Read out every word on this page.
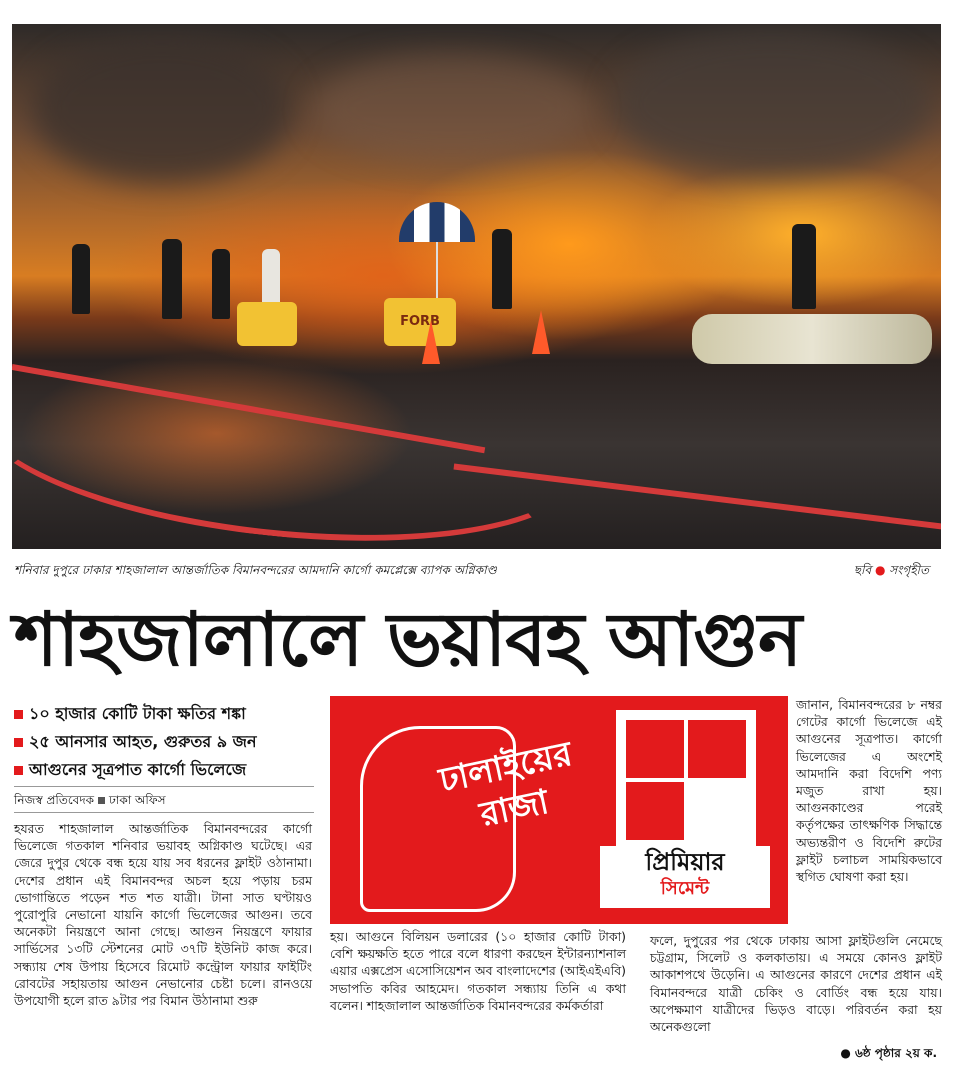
FORB
শনিবার দুপুরে ঢাকার শাহজালাল আন্তর্জাতিক বিমানবন্দরের আমদানি কার্গো কমপ্লেক্সে ব্যাপক অগ্নিকাণ্ড	ছবি ● সংগৃহীত
শাহজালালে ভয়াবহ আগুন
১০ হাজার কোটি টাকা ক্ষতির শঙ্কা
২৫ আনসার আহত, গুরুতর ৯ জন
আগুনের সূত্রপাত কার্গো ভিলেজে
নিজস্ব প্রতিবেদক ঢাকা অফিস
হযরত শাহজালাল আন্তর্জাতিক বিমানবন্দরের কার্গো ভিলেজে গতকাল শনিবার ভয়াবহ অগ্নিকাণ্ড ঘটেছে। এর জেরে দুপুর থেকে বন্ধ হয়ে যায় সব ধরনের ফ্লাইট ওঠানামা। দেশের প্রধান এই বিমানবন্দর অচল হয়ে পড়ায় চরম ভোগান্তিতে পড়েন শত শত যাত্রী। টানা সাত ঘণ্টায়ও পুরোপুরি নেভানো যায়নি কার্গো ভিলেজের আগুন। তবে অনেকটা নিয়ন্ত্রণে আনা গেছে। আগুন নিয়ন্ত্রণে ফায়ার সার্ভিসের ১৩টি স্টেশনের মোট ৩৭টি ইউনিট কাজ করে। সন্ধ্যায় শেষ উপায় হিসেবে রিমোট কন্ট্রোল ফায়ার ফাইটিং রোবটের সহায়তায় আগুন নেভানোর চেষ্টা চলে। রানওয়ে উপযোগী হলে রাত ৯টার পর বিমান উঠানামা শুরু
হয়। আগুনে বিলিয়ন ডলারের (১০ হাজার কোটি টাকা) বেশি ক্ষয়ক্ষতি হতে পারে বলে ধারণা করছেন ইন্টারন্যাশনাল এয়ার এক্সপ্রেস এসোসিয়েশন অব বাংলাদেশের (আইএইএবি) সভাপতি কবির আহমেদ। গতকাল সন্ধ্যায় তিনি এ কথা বলেন। শাহজালাল আন্তর্জাতিক বিমানবন্দরের কর্মকর্তারা
জানান, বিমানবন্দরের ৮ নম্বর গেটের কার্গো ভিলেজে এই আগুনের সূত্রপাত। কার্গো ভিলেজের এ অংশেই আমদানি করা বিদেশি পণ্য মজুত রাখা হয়। আগুনকাণ্ডের পরেই কর্তৃপক্ষের তাৎক্ষণিক সিদ্ধান্তে অভ্যন্তরীণ ও বিদেশি রুটের ফ্লাইট চলাচল সাময়িকভাবে স্থগিত ঘোষণা করা হয়।
ফলে, দুপুরের পর থেকে ঢাকায় আসা ফ্লাইটগুলি নেমেছে চট্টগ্রাম, সিলেট ও কলকাতায়। এ সময়ে কোনও ফ্লাইট আকাশপথে উড়েনি। এ আগুনের কারণে দেশের প্রধান এই বিমানবন্দরে যাত্রী চেকিং ও বোর্ডিং বন্ধ হয়ে যায়। অপেক্ষমাণ যাত্রীদের ভিড়ও বাড়ে। পরিবর্তন করা হয় অনেকগুলো
● ৬ষ্ঠ পৃষ্ঠার ২য় ক.
ঢালাইয়ের রাজা
প্রিমিয়ার
সিমেন্ট
